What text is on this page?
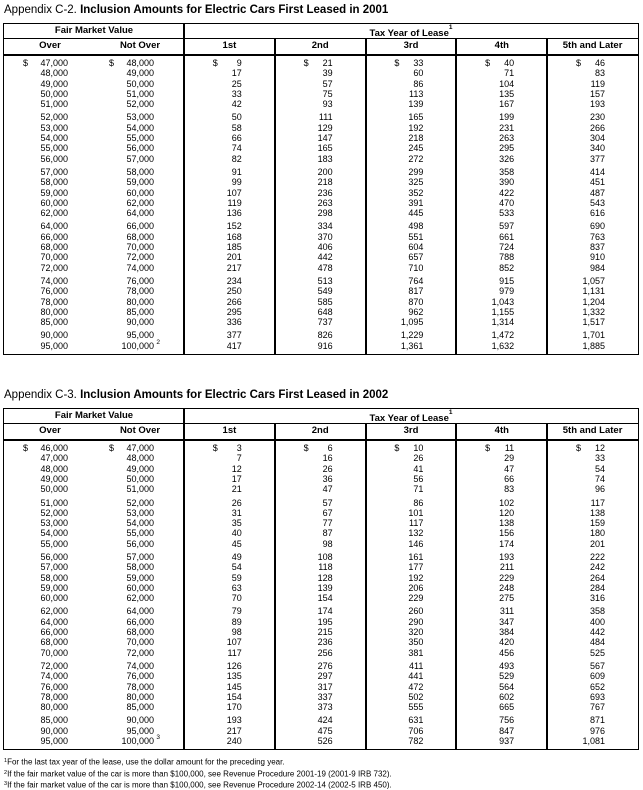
Appendix C-2. Inclusion Amounts for Electric Cars First Leased in 2001
Fair Market Value	Tax Year of Lease$^1$
Over	Not Over	1st	2nd	3rd	4th	5th and Later
$	47,000	$	48,000	$	9	$	21	$	33	$	40	$	46
48,000	49,000	17	39	60	71	83
49,000	50,000	25	57	86	104	119
50,000	51,000	33	75	113	135	157
51,000	52,000	42	93	139	167	193
52,000	53,000	50	111	165	199	230
53,000	54,000	58	129	192	231	266
54,000	55,000	66	147	218	263	304
55,000	56,000	74	165	245	295	340
56,000	57,000	82	183	272	326	377
57,000	58,000	91	200	299	358	414
58,000	59,000	99	218	325	390	451
59,000	60,000	107	236	352	422	487
60,000	62,000	119	263	391	470	543
62,000	64,000	136	298	445	533	616
64,000	66,000	152	334	498	597	690
66,000	68,000	168	370	551	661	763
68,000	70,000	185	406	604	724	837
70,000	72,000	201	442	657	788	910
72,000	74,000	217	478	710	852	984
74,000	76,000	234	513	764	915	1,057
76,000	78,000	250	549	817	979	1,131
78,000	80,000	266	585	870	1,043	1,204
80,000	85,000	295	648	962	1,155	1,332
85,000	90,000	336	737	1,095	1,314	1,517
90,000	95,000	377	826	1,229	1,472	1,701
95,000	100,000 2	417	916	1,361	1,632	1,885
Appendix C-3. Inclusion Amounts for Electric Cars First Leased in 2002
Fair Market Value	Tax Year of Lease$^1$
Over	Not Over	1st	2nd	3rd	4th	5th and Later
$	46,000	$	47,000	$	3	$	6	$	10	$	11	$	12
47,000	48,000	7	16	26	29	33
48,000	49,000	12	26	41	47	54
49,000	50,000	17	36	56	66	74
50,000	51,000	21	47	71	83	96
51,000	52,000	26	57	86	102	117
52,000	53,000	31	67	101	120	138
53,000	54,000	35	77	117	138	159
54,000	55,000	40	87	132	156	180
55,000	56,000	45	98	146	174	201
56,000	57,000	49	108	161	193	222
57,000	58,000	54	118	177	211	242
58,000	59,000	59	128	192	229	264
59,000	60,000	63	139	206	248	284
60,000	62,000	70	154	229	275	316
62,000	64,000	79	174	260	311	358
64,000	66,000	89	195	290	347	400
66,000	68,000	98	215	320	384	442
68,000	70,000	107	236	350	420	484
70,000	72,000	117	256	381	456	525
72,000	74,000	126	276	411	493	567
74,000	76,000	135	297	441	529	609
76,000	78,000	145	317	472	564	652
78,000	80,000	154	337	502	602	693
80,000	85,000	170	373	555	665	767
85,000	90,000	193	424	631	756	871
90,000	95,000	217	475	706	847	976
95,000	100,000 3	240	526	782	937	1,081
$^1$For the last tax year of the lease, use the dollar amount for the preceding year.
$^2$If the fair market value of the car is more than $100,000, see Revenue Procedure 2001-19 (2001-9 IRB 732).
$^3$If the fair market value of the car is more than $100,000, see Revenue Procedure 2002-14 (2002-5 IRB 450).
